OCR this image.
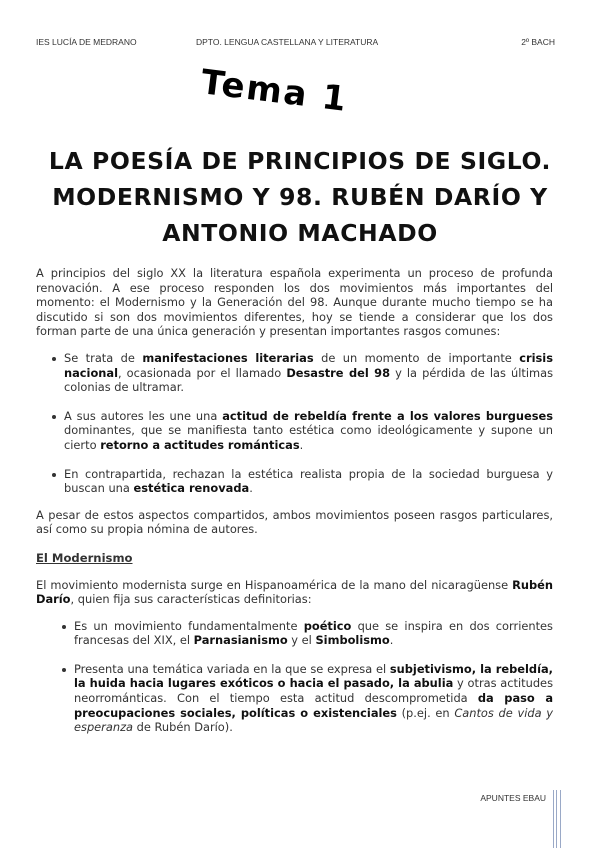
IES LUCÍA DE MEDRANO	DPTO. LENGUA CASTELLANA Y LITERATURA	2º BACH
Tema 1
LA POESÍA DE PRINCIPIOS DE SIGLO. MODERNISMO Y 98. RUBÉN DARÍO Y ANTONIO MACHADO

A principios del siglo XX la literatura española experimenta un proceso de profunda renovación. A ese proceso responden los dos movimientos más importantes del momento: el Modernismo y la Generación del 98. Aunque durante mucho tiempo se ha discutido si son dos movimientos diferentes, hoy se tiende a considerar que los dos forman parte de una única generación y presentan importantes rasgos comunes:

Se trata de manifestaciones literarias de un momento de importante crisis nacional, ocasionada por el llamado Desastre del 98 y la pérdida de las últimas colonias de ultramar.
A sus autores les une una actitud de rebeldía frente a los valores burgueses dominantes, que se manifiesta tanto estética como ideológicamente y supone un cierto retorno a actitudes románticas.
En contrapartida, rechazan la estética realista propia de la sociedad burguesa y buscan una estética renovada.

A pesar de estos aspectos compartidos, ambos movimientos poseen rasgos particulares, así como su propia nómina de autores.

El Modernismo

El movimiento modernista surge en Hispanoamérica de la mano del nicaragüense Rubén Darío, quien fija sus características definitorias:

Es un movimiento fundamentalmente poético que se inspira en dos corrientes francesas del XIX, el Parnasianismo y el Simbolismo.
Presenta una temática variada en la que se expresa el subjetivismo, la rebeldía, la huida hacia lugares exóticos o hacia el pasado, la abulia y otras actitudes neorrománticas. Con el tiempo esta actitud descomprometida da paso a preocupaciones sociales, políticas o existenciales (p.ej. en Cantos de vida y esperanza de Rubén Darío).
APUNTES EBAU
